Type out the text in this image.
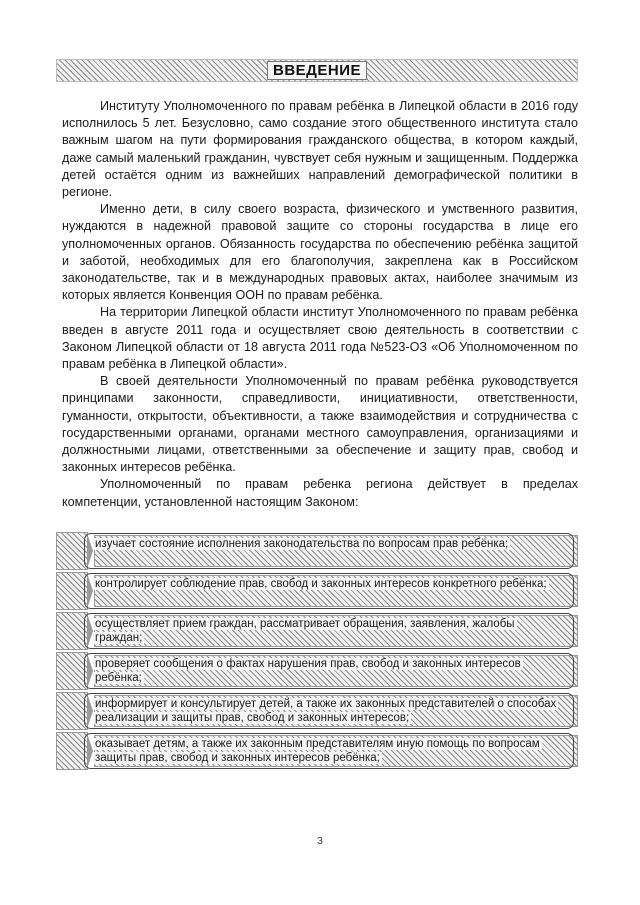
ВВЕДЕНИЕ

Институту Уполномоченного по правам ребёнка в Липецкой области в 2016 году исполнилось 5 лет. Безусловно, само создание этого общественного института стало важным шагом на пути формирования гражданского общества, в котором каждый, даже самый маленький гражданин, чувствует себя нужным и защищенным. Поддержка детей остаётся одним из важнейших направлений демографической политики в регионе.

Именно дети, в силу своего возраста, физического и умственного развития, нуждаются в надежной правовой защите со стороны государства в лице его уполномоченных органов. Обязанность государства по обеспечению ребёнка защитой и заботой, необходимых для его благополучия, закреплена как в Российском законодательстве, так и в международных правовых актах, наиболее значимым из которых является Конвенция ООН по правам ребёнка.

На территории Липецкой области институт Уполномоченного по правам ребёнка введен в августе 2011 года и осуществляет свою деятельность в соответствии с Законом Липецкой области от 18 августа 2011 года №523-ОЗ «Об Уполномоченном по правам ребёнка в Липецкой области».

В своей деятельности Уполномоченный по правам ребёнка руководствуется принципами законности, справедливости, инициативности, ответственности, гуманности, открытости, объективности, а также взаимодействия и сотрудничества с государственными органами, органами местного самоуправления, организациями и должностными лицами, ответственными за обеспечение и защиту прав, свобод и законных интересов ребёнка.

Уполномоченный по правам ребенка региона действует в пределах компетенции, установленной настоящим Законом:

изучает состояние исполнения законодательства по вопросам прав ребёнка;
контролирует соблюдение прав, свобод и законных интересов конкретного ребёнка;
осуществляет прием граждан, рассматривает обращения, заявления, жалобы граждан;
проверяет сообщения о фактах нарушения прав, свобод и законных интересов ребёнка;
информирует и консультирует детей, а также их законных представителей о способах реализации и защиты прав, свобод и законных интересов;
оказывает детям, а также их законным представителям иную помощь по вопросам защиты прав, свобод и законных интересов ребёнка;
3
